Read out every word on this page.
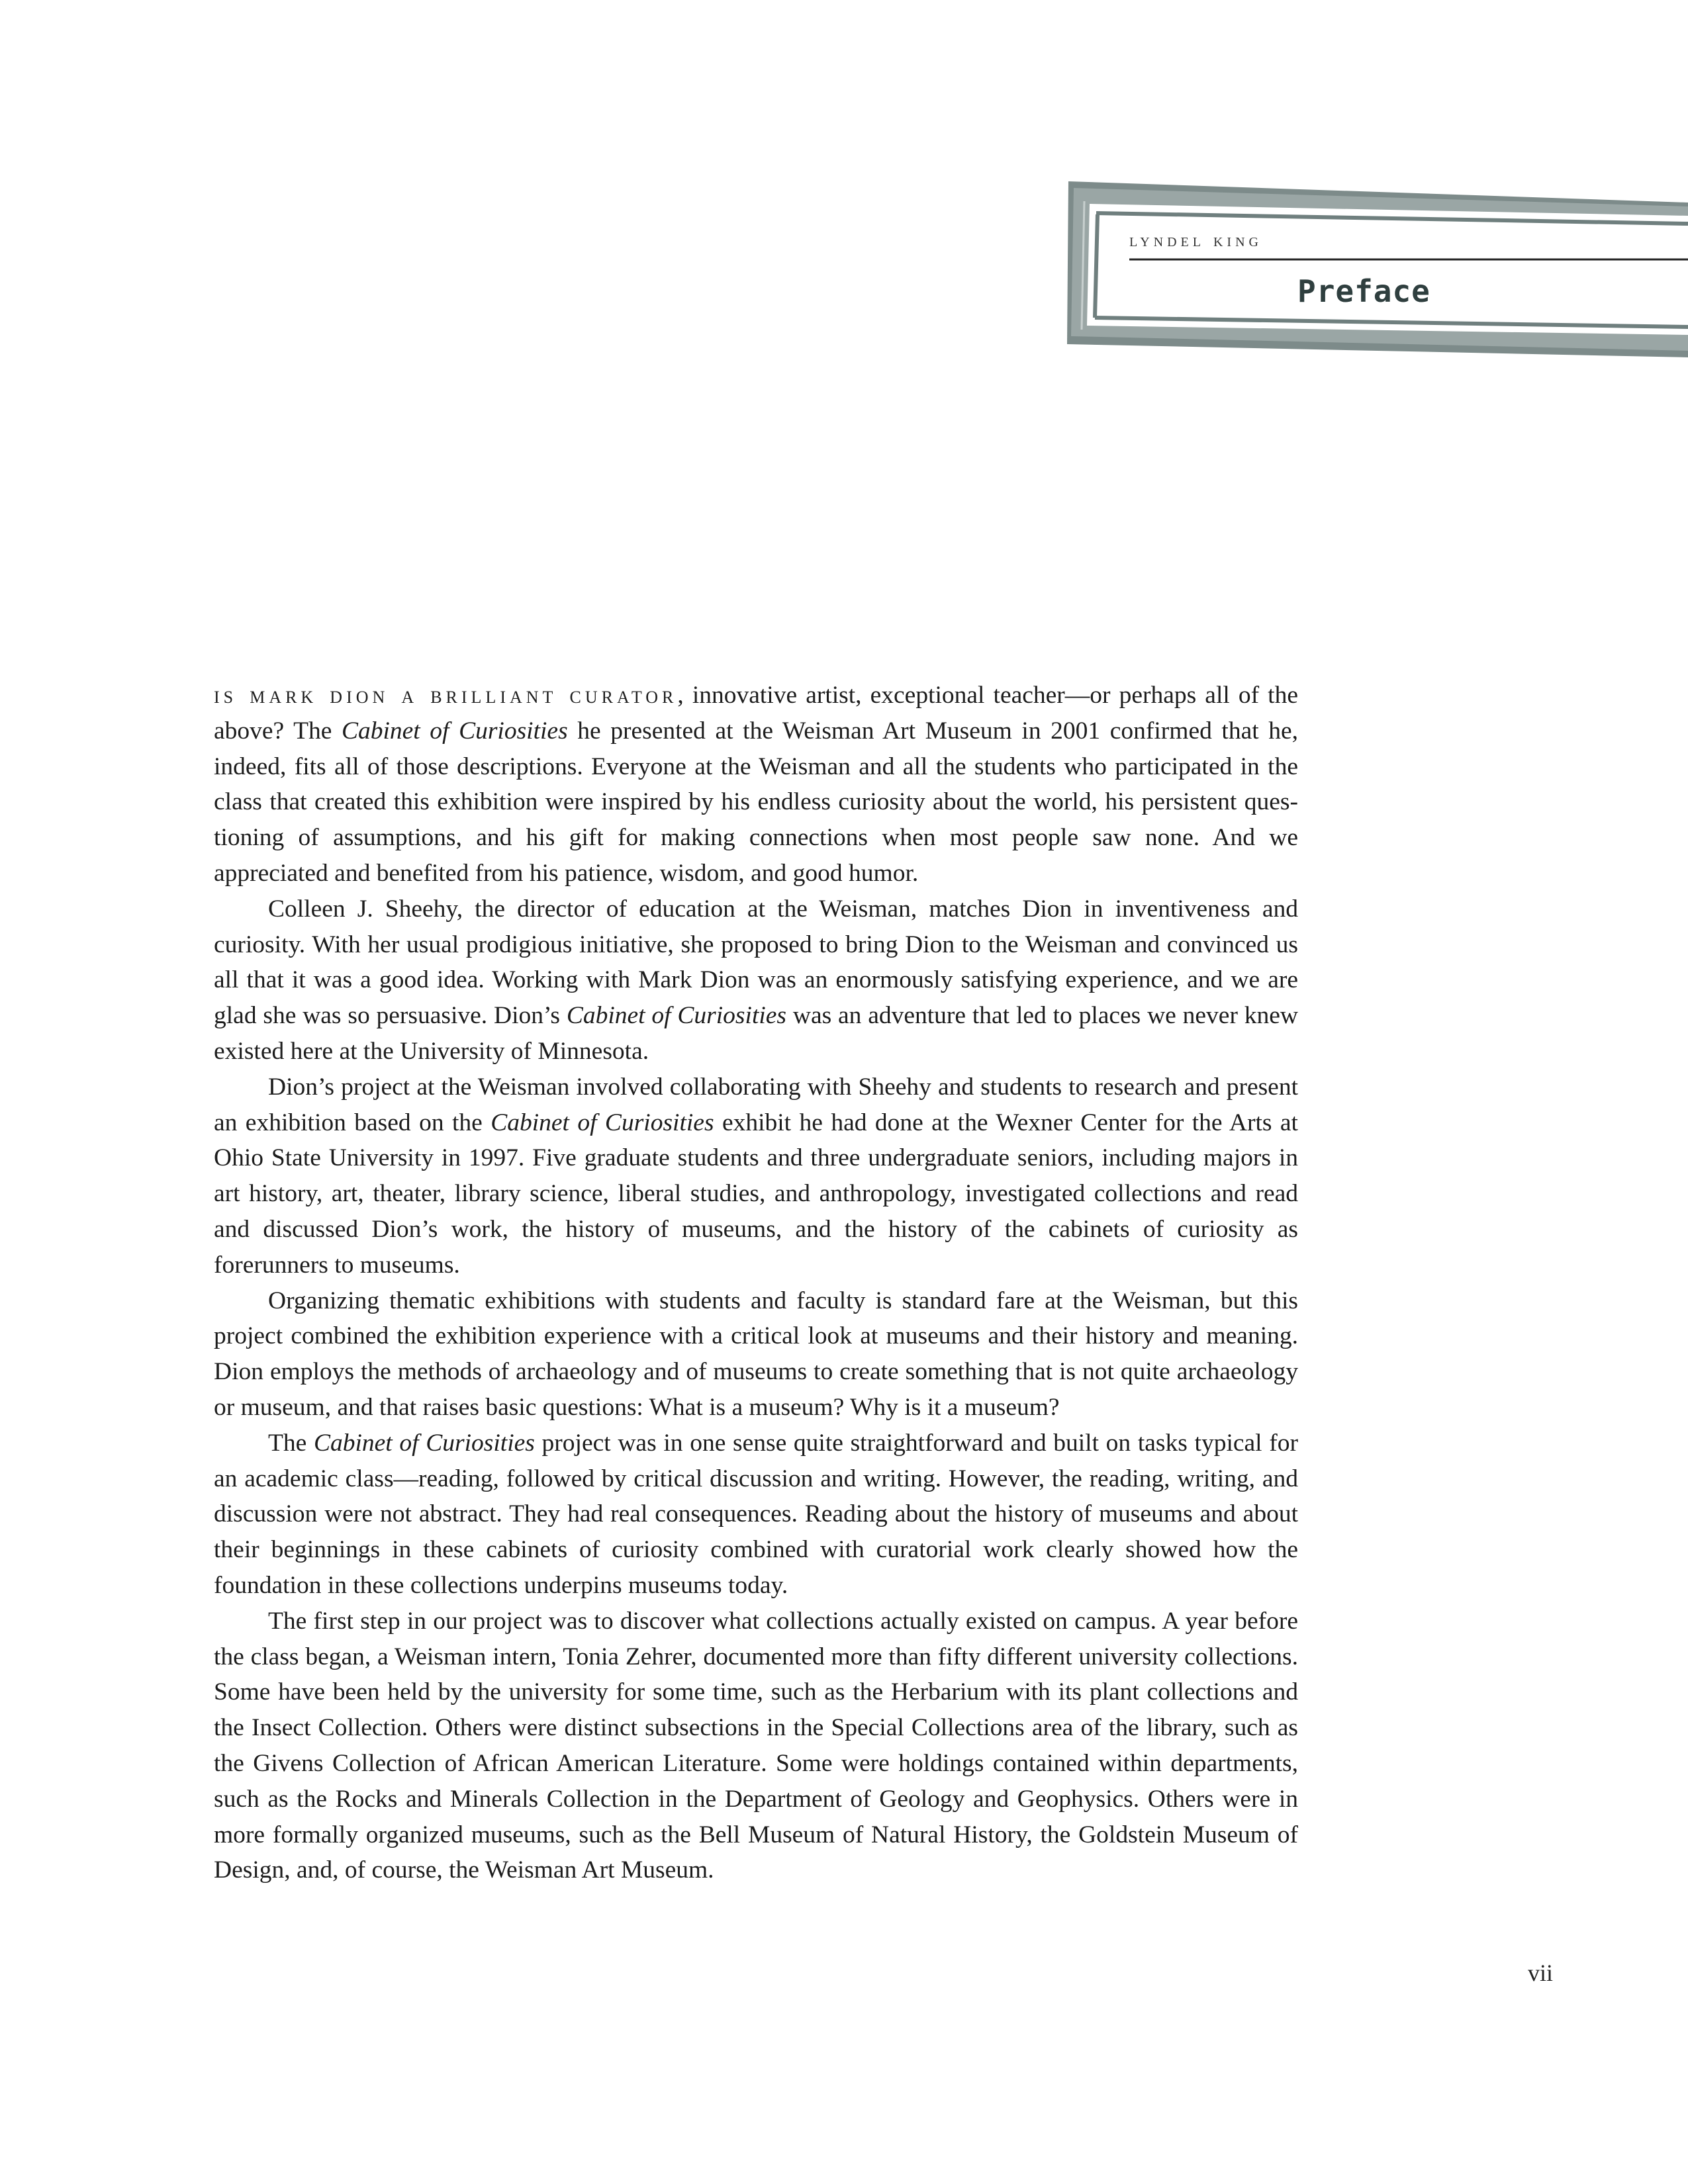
lyndel king
Preface

is mark dion a brilliant curator, innovative artist, exceptional teacher—or perhaps all of the above? The Cabinet of Curiosities he presented at the Weisman Art Museum in 2001 confirmed that he, indeed, fits all of those descriptions. Everyone at the Weisman and all the students who participated in the class that created this exhibition were inspired by his endless curiosity about the world, his persistent questioning of assumptions, and his gift for making connections when most people saw none. And we appreciated and benefited from his patience, wisdom, and good humor.

Colleen J. Sheehy, the director of education at the Weisman, matches Dion in inventiveness and curiosity. With her usual prodigious initiative, she proposed to bring Dion to the Weisman and convinced us all that it was a good idea. Working with Mark Dion was an enormously satisfying experience, and we are glad she was so persuasive. Dion’s Cabinet of Curiosities was an adventure that led to places we never knew existed here at the University of Minnesota.

Dion’s project at the Weisman involved collaborating with Sheehy and students to research and present an exhibition based on the Cabinet of Curiosities exhibit he had done at the Wexner Center for the Arts at Ohio State University in 1997. Five graduate students and three undergraduate seniors, including majors in art history, art, theater, library science, liberal studies, and anthropology, investigated collections and read and discussed Dion’s work, the history of museums, and the history of the cabinets of curiosity as forerunners to museums.

Organizing thematic exhibitions with students and faculty is standard fare at the Weisman, but this project combined the exhibition experience with a critical look at museums and their history and meaning. Dion employs the methods of archaeology and of museums to create something that is not quite archaeology or museum, and that raises basic questions: What is a museum? Why is it a museum?

The Cabinet of Curiosities project was in one sense quite straightforward and built on tasks typical for an academic class—reading, followed by critical discussion and writing. However, the reading, writing, and discussion were not abstract. They had real consequences. Reading about the history of museums and about their beginnings in these cabinets of curiosity combined with curatorial work clearly showed how the foundation in these collections underpins museums today.

The first step in our project was to discover what collections actually existed on campus. A year before the class began, a Weisman intern, Tonia Zehrer, documented more than fifty different university collections. Some have been held by the university for some time, such as the Herbarium with its plant collections and the Insect Collection. Others were distinct subsections in the Special Collections area of the library, such as the Givens Collection of African American Literature. Some were holdings contained within departments, such as the Rocks and Minerals Collection in the Department of Geology and Geophysics. Others were in more formally organized museums, such as the Bell Museum of Natural History, the Goldstein Museum of Design, and, of course, the Weisman Art Museum.

vii
